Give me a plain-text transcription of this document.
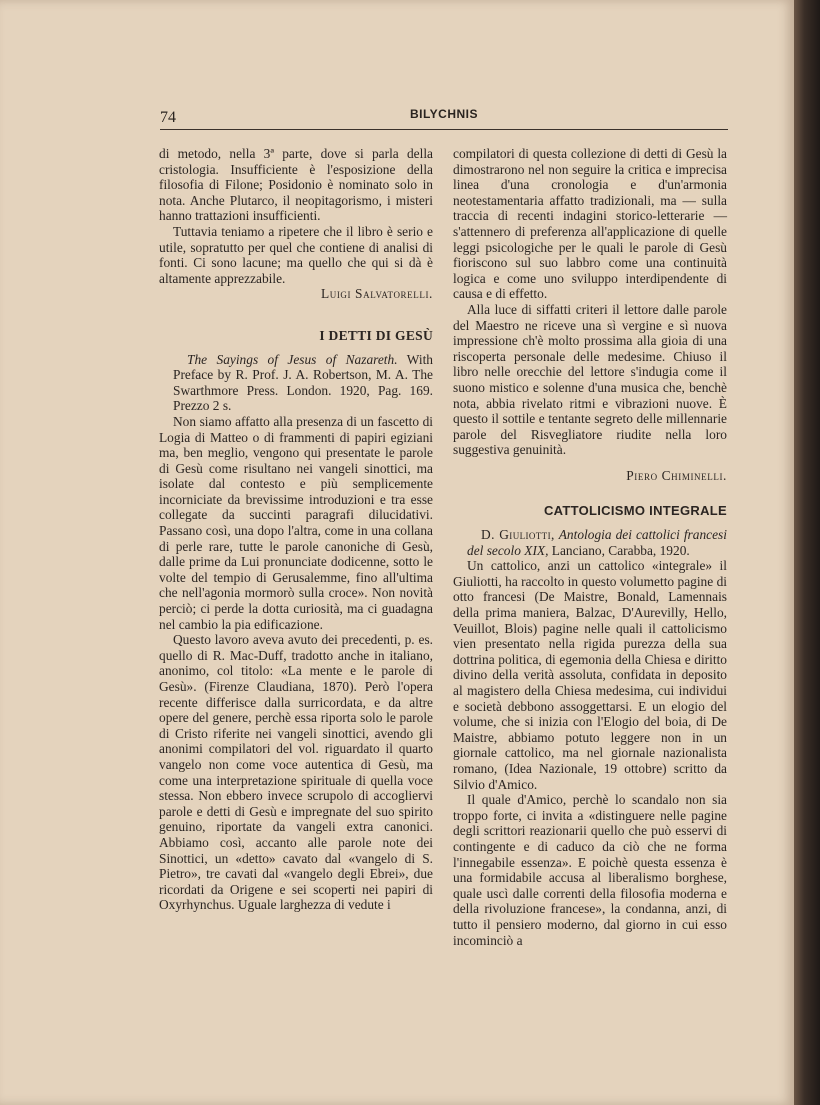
74	BILYCHNIS

di metodo, nella 3ª parte, dove si parla della cristologia. Insufficiente è l'esposizione della filosofia di Filone; Posidonio è nominato solo in nota. Anche Plutarco, il neopitagorismo, i misteri hanno trattazioni insufficienti.

Tuttavia teniamo a ripetere che il libro è serio e utile, sopratutto per quel che contiene di analisi di fonti. Ci sono lacune; ma quello che qui si dà è altamente apprezzabile.

Luigi Salvatorelli.

I DETTI DI GESÙ

The Sayings of Jesus of Nazareth. With Preface by R. Prof. J. A. Robertson, M. A. The Swarthmore Press. London. 1920, Pag. 169. Prezzo 2 s.

Non siamo affatto alla presenza di un fascetto di Logia di Matteo o di frammenti di papiri egiziani ma, ben meglio, vengono qui presentate le parole di Gesù come risultano nei vangeli sinottici, ma isolate dal contesto e più semplicemente incorniciate da brevissime introduzioni e tra esse collegate da succinti paragrafi dilucidativi. Passano così, una dopo l'altra, come in una collana di perle rare, tutte le parole canoniche di Gesù, dalle prime da Lui pronunciate dodicenne, sotto le volte del tempio di Gerusalemme, fino all'ultima che nell'agonia mormorò sulla croce». Non novità perciò; ci perde la dotta curiosità, ma ci guadagna nel cambio la pia edificazione.

Questo lavoro aveva avuto dei precedenti, p. es. quello di R. Mac-Duff, tradotto anche in italiano, anonimo, col titolo: «La mente e le parole di Gesù». (Firenze Claudiana, 1870). Però l'opera recente differisce dalla surricordata, e da altre opere del genere, perchè essa riporta solo le parole di Cristo riferite nei vangeli sinottici, avendo gli anonimi compilatori del vol. riguardato il quarto vangelo non come voce autentica di Gesù, ma come una interpretazione spirituale di quella voce stessa. Non ebbero invece scrupolo di accogliervi parole e detti di Gesù e impregnate del suo spirito genuino, riportate da vangeli extra canonici. Abbiamo così, accanto alle parole note dei Sinottici, un «detto» cavato dal «vangelo di S. Pietro», tre cavati dal «vangelo degli Ebrei», due ricordati da Origene e sei scoperti nei papiri di Oxyrhynchus. Uguale larghezza di vedute i

compilatori di questa collezione di detti di Gesù la dimostrarono nel non seguire la critica e imprecisa linea d'una cronologia e d'un'armonia neotestamentaria affatto tradizionali, ma — sulla traccia di recenti indagini storico-letterarie — s'attennero di preferenza all'applicazione di quelle leggi psicologiche per le quali le parole di Gesù fioriscono sul suo labbro come una continuità logica e come uno sviluppo interdipendente di causa e di effetto.

Alla luce di siffatti criteri il lettore dalle parole del Maestro ne riceve una sì vergine e sì nuova impressione ch'è molto prossima alla gioia di una riscoperta personale delle medesime. Chiuso il libro nelle orecchie del lettore s'indugia come il suono mistico e solenne d'una musica che, benchè nota, abbia rivelato ritmi e vibrazioni nuove. È questo il sottile e tentante segreto delle millennarie parole del Risvegliatore riudite nella loro suggestiva genuinità.

Piero Chiminelli.

CATTOLICISMO INTEGRALE

D. Giuliotti, Antologia dei cattolici francesi del secolo XIX, Lanciano, Carabba, 1920.

Un cattolico, anzi un cattolico «integrale» il Giuliotti, ha raccolto in questo volumetto pagine di otto francesi (De Maistre, Bonald, Lamennais della prima maniera, Balzac, D'Aurevilly, Hello, Veuillot, Blois) pagine nelle quali il cattolicismo vien presentato nella rigida purezza della sua dottrina politica, di egemonia della Chiesa e diritto divino della verità assoluta, confidata in deposito al magistero della Chiesa medesima, cui individui e società debbono assoggettarsi. E un elogio del volume, che si inizia con l'Elogio del boia, di De Maistre, abbiamo potuto leggere non in un giornale cattolico, ma nel giornale nazionalista romano, (Idea Nazionale, 19 ottobre) scritto da Silvio d'Amico.

Il quale d'Amico, perchè lo scandalo non sia troppo forte, ci invita a «distinguere nelle pagine degli scrittori reazionarii quello che può esservi di contingente e di caduco da ciò che ne forma l'innegabile essenza». E poichè questa essenza è una formidabile accusa al liberalismo borghese, quale uscì dalle correnti della filosofia moderna e della rivoluzione francese», la condanna, anzi, di tutto il pensiero moderno, dal giorno in cui esso incominciò a
